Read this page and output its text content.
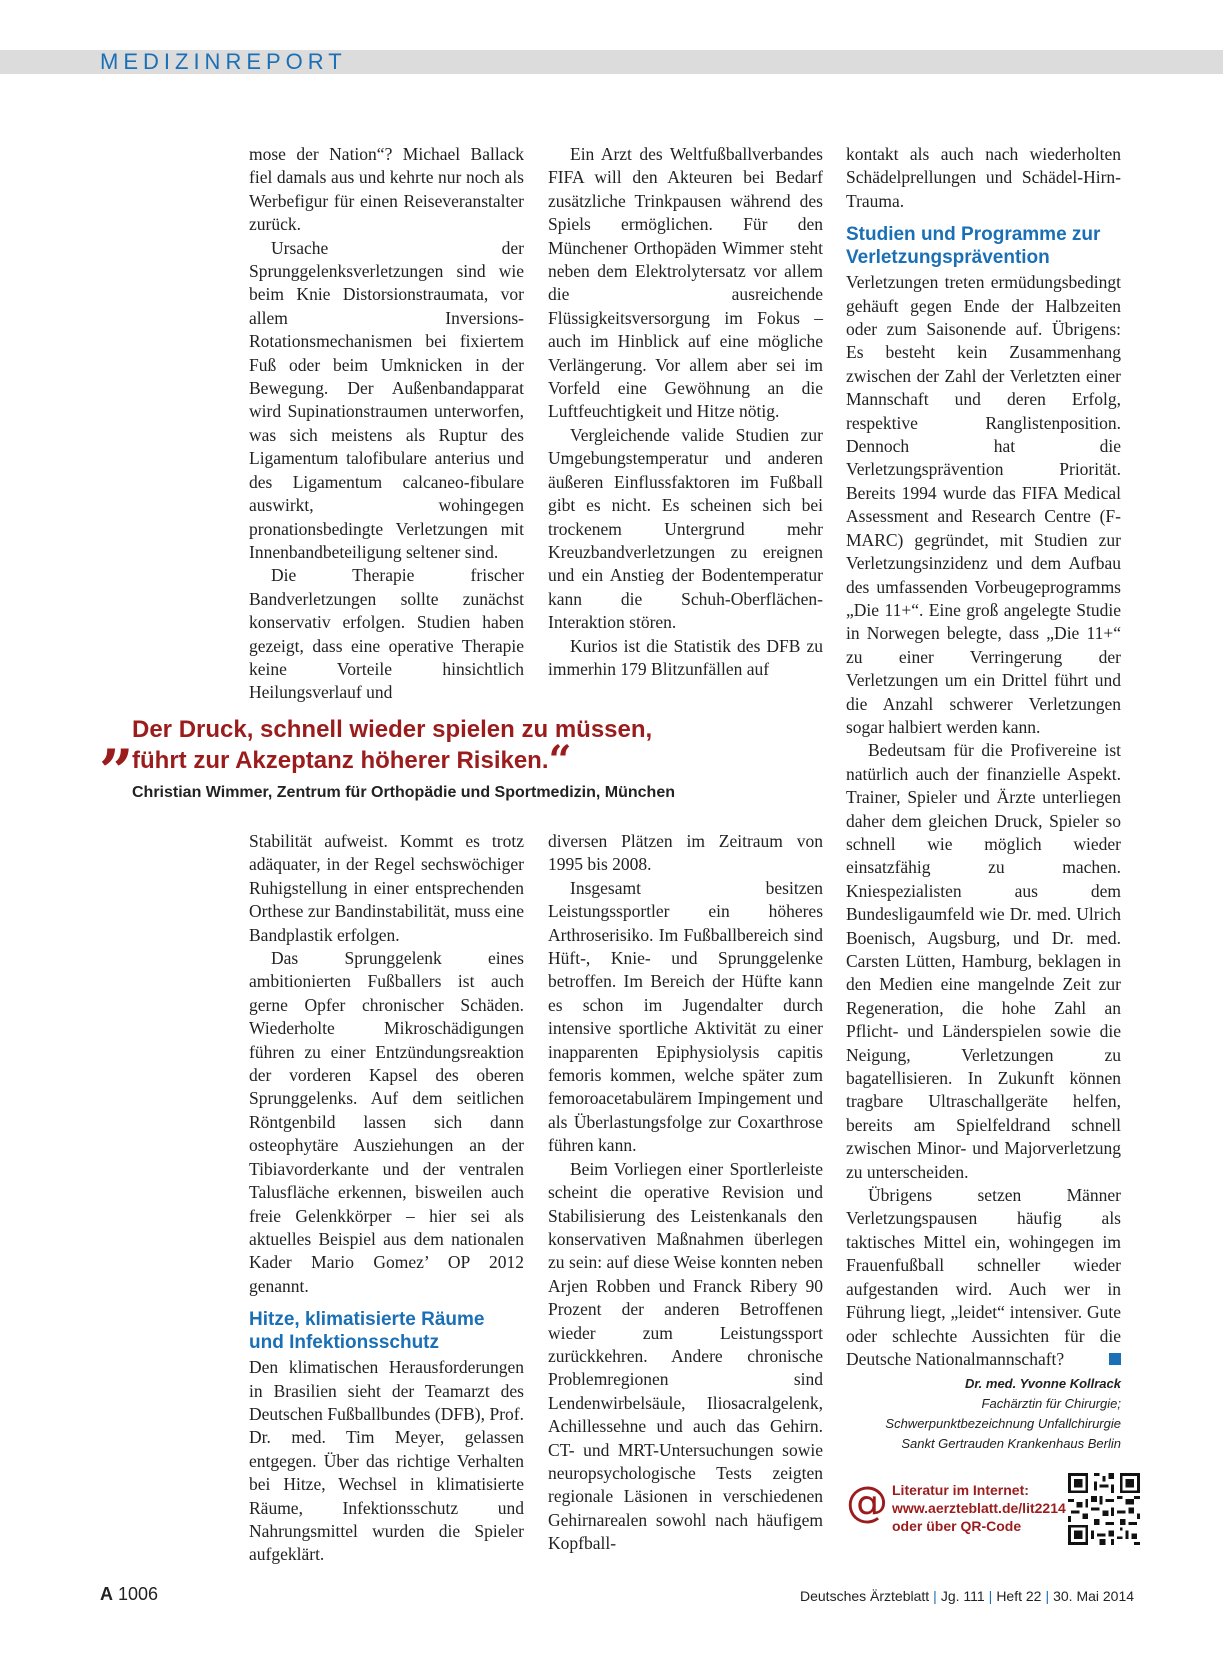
MEDIZINREPORT

mose der Nation“? Michael Ballack fiel damals aus und kehrte nur noch als Werbefigur für einen Reiseveranstalter zurück.

Ursache der Sprunggelenksverletzungen sind wie beim Knie Distorsionstraumata, vor allem Inversions-Rotationsmechanismen bei fixiertem Fuß oder beim Umknicken in der Bewegung. Der Außenbandapparat wird Supinationstraumen unterworfen, was sich meistens als Ruptur des Ligamentum talofibulare anterius und des Ligamentum calcaneo-fibulare auswirkt, wohingegen pronationsbedingte Verletzungen mit Innenbandbeteiligung seltener sind.

Die Therapie frischer Bandverletzungen sollte zunächst konservativ erfolgen. Studien haben gezeigt, dass eine operative Therapie keine Vorteile hinsichtlich Heilungsverlauf und

Ein Arzt des Weltfußballverbandes FIFA will den Akteuren bei Bedarf zusätzliche Trinkpausen während des Spiels ermöglichen. Für den Münchener Orthopäden Wimmer steht neben dem Elektrolytersatz vor allem die ausreichende Flüssigkeitsversorgung im Fokus – auch im Hinblick auf eine mögliche Verlängerung. Vor allem aber sei im Vorfeld eine Gewöhnung an die Luftfeuchtigkeit und Hitze nötig.

Vergleichende valide Studien zur Umgebungstemperatur und anderen äußeren Einflussfaktoren im Fußball gibt es nicht. Es scheinen sich bei trockenem Untergrund mehr Kreuzbandverletzungen zu ereignen und ein Anstieg der Bodentemperatur kann die Schuh-Oberflächen-Interaktion stören.

Kurios ist die Statistik des DFB zu immerhin 179 Blitzunfällen auf

„
Der Druck, schnell wieder spielen zu müssen,
führt zur Akzeptanz höherer Risiken.“
Christian Wimmer, Zentrum für Orthopädie und Sportmedizin, München

Stabilität aufweist. Kommt es trotz adäquater, in der Regel sechswöchiger Ruhigstellung in einer entsprechenden Orthese zur Bandinstabilität, muss eine Bandplastik erfolgen.

Das Sprunggelenk eines ambitionierten Fußballers ist auch gerne Opfer chronischer Schäden. Wiederholte Mikroschädigungen führen zu einer Entzündungsreaktion der vorderen Kapsel des oberen Sprunggelenks. Auf dem seitlichen Röntgenbild lassen sich dann osteophytäre Ausziehungen an der Tibiavorderkante und der ventralen Talusfläche erkennen, bisweilen auch freie Gelenkkörper – hier sei als aktuelles Beispiel aus dem nationalen Kader Mario Gomez’ OP 2012 genannt.

Hitze, klimatisierte Räume und Infektionsschutz

Den klimatischen Herausforderungen in Brasilien sieht der Teamarzt des Deutschen Fußballbundes (DFB), Prof. Dr. med. Tim Meyer, gelassen entgegen. Über das richtige Verhalten bei Hitze, Wechsel in klimatisierte Räume, Infektionsschutz und Nahrungsmittel wurden die Spieler aufgeklärt.

diversen Plätzen im Zeitraum von 1995 bis 2008.

Insgesamt besitzen Leistungssportler ein höheres Arthroserisiko. Im Fußballbereich sind Hüft-, Knie- und Sprunggelenke betroffen. Im Bereich der Hüfte kann es schon im Jugendalter durch intensive sportliche Aktivität zu einer inapparenten Epiphysiolysis capitis femoris kommen, welche später zum femoroacetabulärem Impingement und als Überlastungsfolge zur Coxarthrose führen kann.

Beim Vorliegen einer Sportlerleiste scheint die operative Revision und Stabilisierung des Leistenkanals den konservativen Maßnahmen überlegen zu sein: auf diese Weise konnten neben Arjen Robben und Franck Ribery 90 Prozent der anderen Betroffenen wieder zum Leistungssport zurückkehren. Andere chronische Problemregionen sind Lendenwirbelsäule, Iliosacralgelenk, Achillessehne und auch das Gehirn. CT- und MRT-Untersuchungen sowie neuropsychologische Tests zeigten regionale Läsionen in verschiedenen Gehirnarealen sowohl nach häufigem Kopfball-

kontakt als auch nach wiederholten Schädelprellungen und Schädel-Hirn-Trauma.

Studien und Programme zur Verletzungsprävention

Verletzungen treten ermüdungsbedingt gehäuft gegen Ende der Halbzeiten oder zum Saisonende auf. Übrigens: Es besteht kein Zusammenhang zwischen der Zahl der Verletzten einer Mannschaft und deren Erfolg, respektive Ranglistenposition. Dennoch hat die Verletzungsprävention Priorität. Bereits 1994 wurde das FIFA Medical Assessment and Research Centre (F-MARC) gegründet, mit Studien zur Verletzungsinzidenz und dem Aufbau des umfassenden Vorbeugeprogramms „Die 11+“. Eine groß angelegte Studie in Norwegen belegte, dass „Die 11+“ zu einer Verringerung der Verletzungen um ein Drittel führt und die Anzahl schwerer Verletzungen sogar halbiert werden kann.

Bedeutsam für die Profivereine ist natürlich auch der finanzielle Aspekt. Trainer, Spieler und Ärzte unterliegen daher dem gleichen Druck, Spieler so schnell wie möglich wieder einsatzfähig zu machen. Kniespezialisten aus dem Bundesligaumfeld wie Dr. med. Ulrich Boenisch, Augsburg, und Dr. med. Carsten Lütten, Hamburg, beklagen in den Medien eine mangelnde Zeit zur Regeneration, die hohe Zahl an Pflicht- und Länderspielen sowie die Neigung, Verletzungen zu bagatellisieren. In Zukunft können tragbare Ultraschallgeräte helfen, bereits am Spielfeldrand schnell zwischen Minor- und Majorverletzung zu unterscheiden.

Übrigens setzen Männer Verletzungspausen häufig als taktisches Mittel ein, wohingegen im Frauenfußball schneller wieder aufgestanden wird. Auch wer in Führung liegt, „leidet“ intensiver. Gute oder schlechte Aussichten für die Deutsche Nationalmannschaft?

Dr. med. Yvonne Kollrack
Fachärztin für Chirurgie;
Schwerpunktbezeichnung Unfallchirurgie
Sankt Gertrauden Krankenhaus Berlin
@ Literatur im Internet:
www.aerzteblatt.de/lit2214
oder über QR-Code
A 1006	Deutsches Ärzteblatt | Jg. 111 | Heft 22 | 30. Mai 2014
